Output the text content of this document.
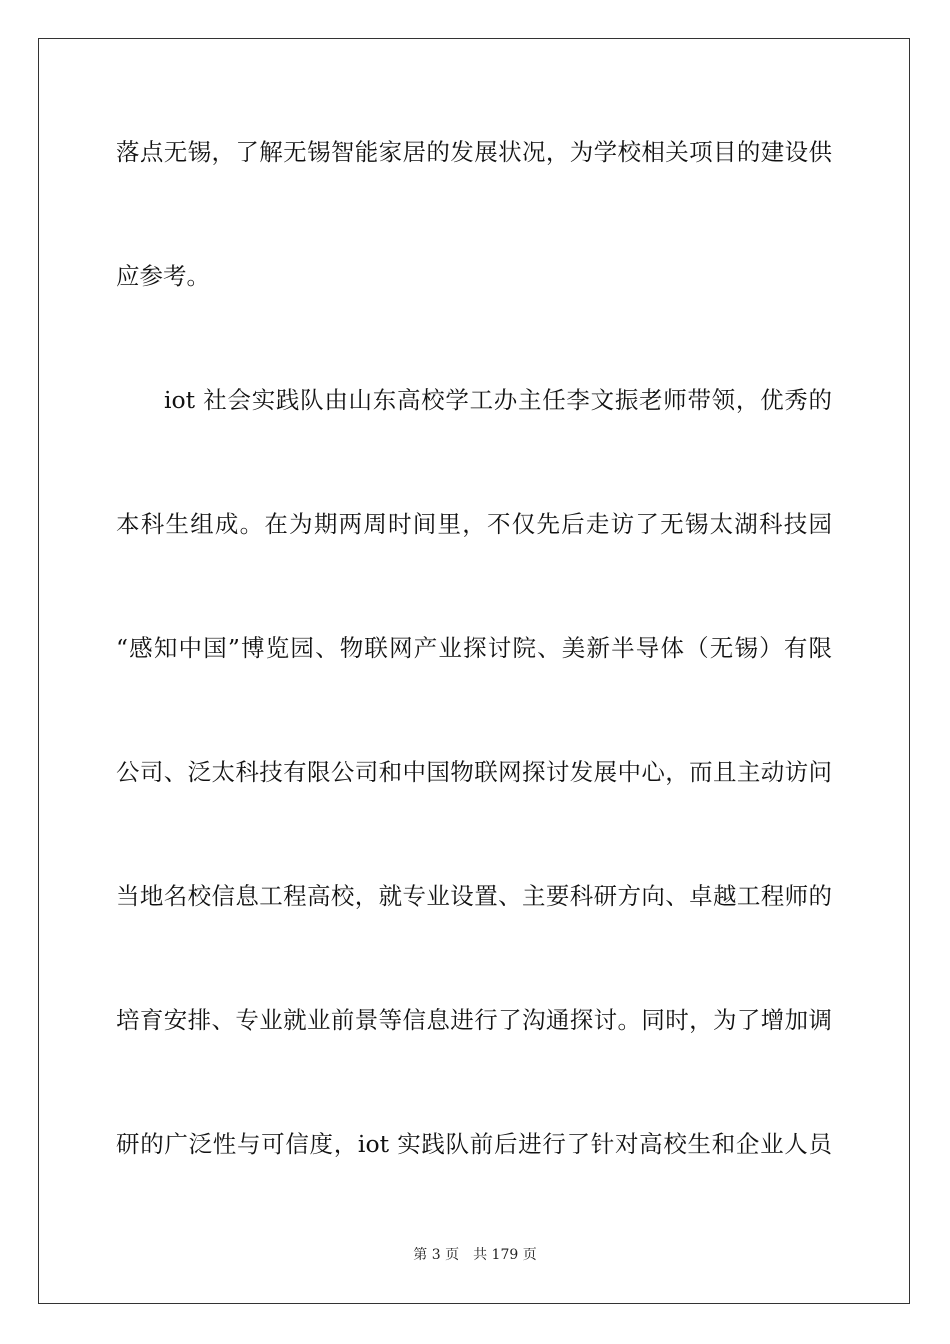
落点无锡，了解无锡智能家居的发展状况，为学校相关项目的建设供

应参考。

iot 社会实践队由山东高校学工办主任李文振老师带领，优秀的

本科生组成。在为期两周时间里，不仅先后走访了无锡太湖科技园

“感知中国”博览园、物联网产业探讨院、美新半导体（无锡）有限

公司、泛太科技有限公司和中国物联网探讨发展中心，而且主动访问

当地名校信息工程高校，就专业设置、主要科研方向、卓越工程师的

培育安排、专业就业前景等信息进行了沟通探讨。同时，为了增加调

研的广泛性与可信度，iot 实践队前后进行了针对高校生和企业人员

第 3 页 共 179 页
